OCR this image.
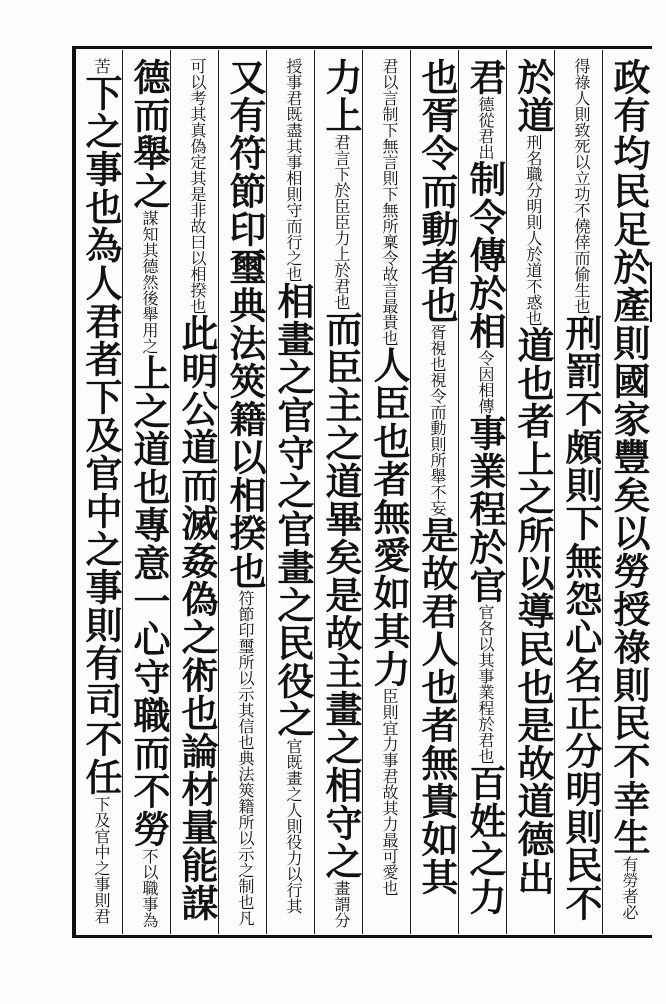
政有均民足於產則國家豐矣以勞授祿則民不幸生有勞者必
得祿人則致死以立功不僥倖而偷生也刑罰不頗則下無怨心名正分明則民不
於道刑名職分明則人於道不惑也道也者上之所以導民也是故道德出
君德從君出制令傳於相令因相傳事業程於官官各以其事業程於君也百姓之力
也胥令而動者也胥視也視令而動則所舉不妄是故君人也者無貴如其
君以言制下無言則下無所稟令故言最貴也人臣也者無愛如其力臣則宜力事君故其力最可愛也
力上君言下於臣臣力上於君也而臣主之道畢矣是故主畫之相守之畫謂分
授事君既盡其事相則守而行之也相畫之官守之官畫之民役之官既畫之人則役力以行其
又有符節印璽典法筴籍以相揆也符節印璽所以示其信也典法筴籍所以示之制也凡
可以考其真偽定其是非故曰以相揆也此明公道而滅姦偽之術也論材量能謀
德而舉之謀知其德然後舉用之上之道也專意一心守職而不勞不以職事為
苦下之事也為人君者下及官中之事則有司不任下及官中之事則君
